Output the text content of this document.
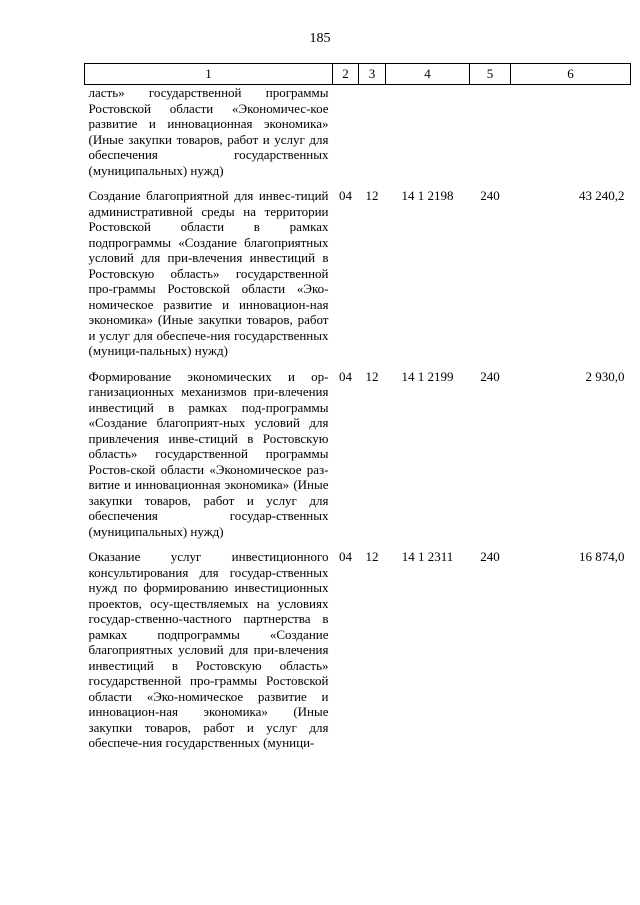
185
1	2	3	4	5	6
ласть» государственной программы Ростовской области «Экономичес-кое развитие и инновационная экономика» (Иные закупки товаров, работ и услуг для обеспечения государственных (муниципальных) нужд)					
Создание благоприятной для инвес-тиций административной среды на территории Ростовской области в рамках подпрограммы «Создание благоприятных условий для при-влечения инвестиций в Ростовскую область» государственной про-граммы Ростовской области «Эко-номическое развитие и инновацион-ная экономика» (Иные закупки товаров, работ и услуг для обеспече-ния государственных (муници-пальных) нужд)	04	12	14 1 2198	240	43 240,2
Формирование экономических и ор-ганизационных механизмов при-влечения инвестиций в рамках под-программы «Создание благоприят-ных условий для привлечения инве-стиций в Ростовскую область» государственной программы Ростов-ской области «Экономическое раз-витие и инновационная экономика» (Иные закупки товаров, работ и услуг для обеспечения государ-ственных (муниципальных) нужд)	04	12	14 1 2199	240	2 930,0
Оказание услуг инвестиционного консультирования для государ-ственных нужд по формированию инвестиционных проектов, осу-ществляемых на условиях государ-ственно-частного партнерства в рамках подпрограммы «Создание благоприятных условий для при-влечения инвестиций в Ростовскую область» государственной про-граммы Ростовской области «Эко-номическое развитие и инновацион-ная экономика» (Иные закупки товаров, работ и услуг для обеспече-ния государственных (муници-	04	12	14 1 2311	240	16 874,0
